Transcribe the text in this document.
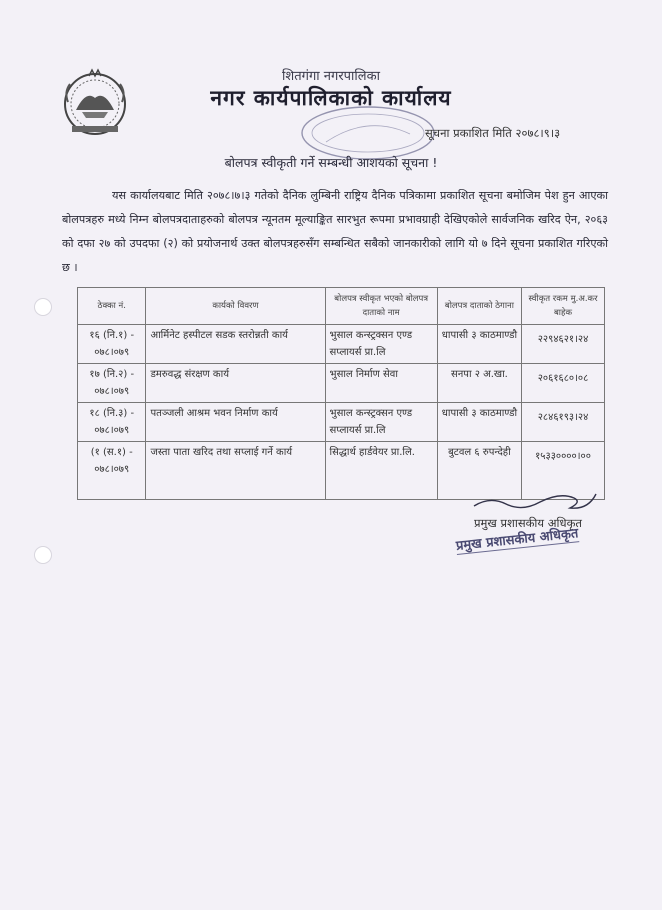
शितगंगा नगरपालिका
नगर कार्यपालिकाको कार्यालय
सूचना प्रकाशित मिति २०७८।९।३
बोलपत्र स्वीकृती गर्ने सम्बन्धी आशयको सूचना !
यस कार्यालयबाट मिति २०७८।७।३ गतेको दैनिक लुम्बिनी राष्ट्रिय दैनिक पत्रिकामा प्रकाशित सूचना बमोजिम पेश हुन आएका बोलपत्रहरु मध्ये निम्न बोलपत्रदाताहरुको बोलपत्र न्यूनतम मूल्याङ्कित सारभुत रूपमा प्रभावग्राही देखिएकोले सार्वजनिक खरिद ऐन, २०६३ को दफा २७ को उपदफा (२) को प्रयोजनार्थ उक्त बोलपत्रहरुसँग सम्बन्धित सबैको जानकारीको लागि यो ७ दिने सूचना प्रकाशित गरिएको छ ।
ठेक्का नं.	कार्यको विवरण	बोलपत्र स्वीकृत भएको बोलपत्र दाताको नाम	बोलपत्र दाताको ठेगाना	स्वीकृत रकम मु.अ.कर बाहेक
१६ (नि.१) - ०७८।०७९	आर्मिनेट हस्पीटल सडक स्तरोन्नती कार्य	भुसाल कन्स्ट्रक्सन एण्ड सप्लायर्स प्रा.लि	धापासी ३ काठमाण्डौ	२२९४६२१।२४

१७ (नि.२) - ०७८।०७९	डमरुवद्ध संरक्षण कार्य	भुसाल निर्माण सेवा	सनपा २ अ.खा.	२०६१६८०।०८

१८ (नि.३) - ०७८।०७९	पतञ्जली आश्रम भवन निर्माण कार्य	भुसाल कन्स्ट्रक्सन एण्ड सप्लायर्स प्रा.लि	धापासी ३ काठमाण्डौ	२८४६१९३।२४

(१ (स.१) - ०७८।०७९	जस्ता पाता खरिद तथा सप्लाई गर्ने कार्य	सिद्धार्थ हार्डवेयर प्रा.लि.	बुटवल ६ रुपन्देही	१५३३००००।००
प्रमुख प्रशासकीय अधिकृत
प्रमुख प्रशासकीय अधिकृत
